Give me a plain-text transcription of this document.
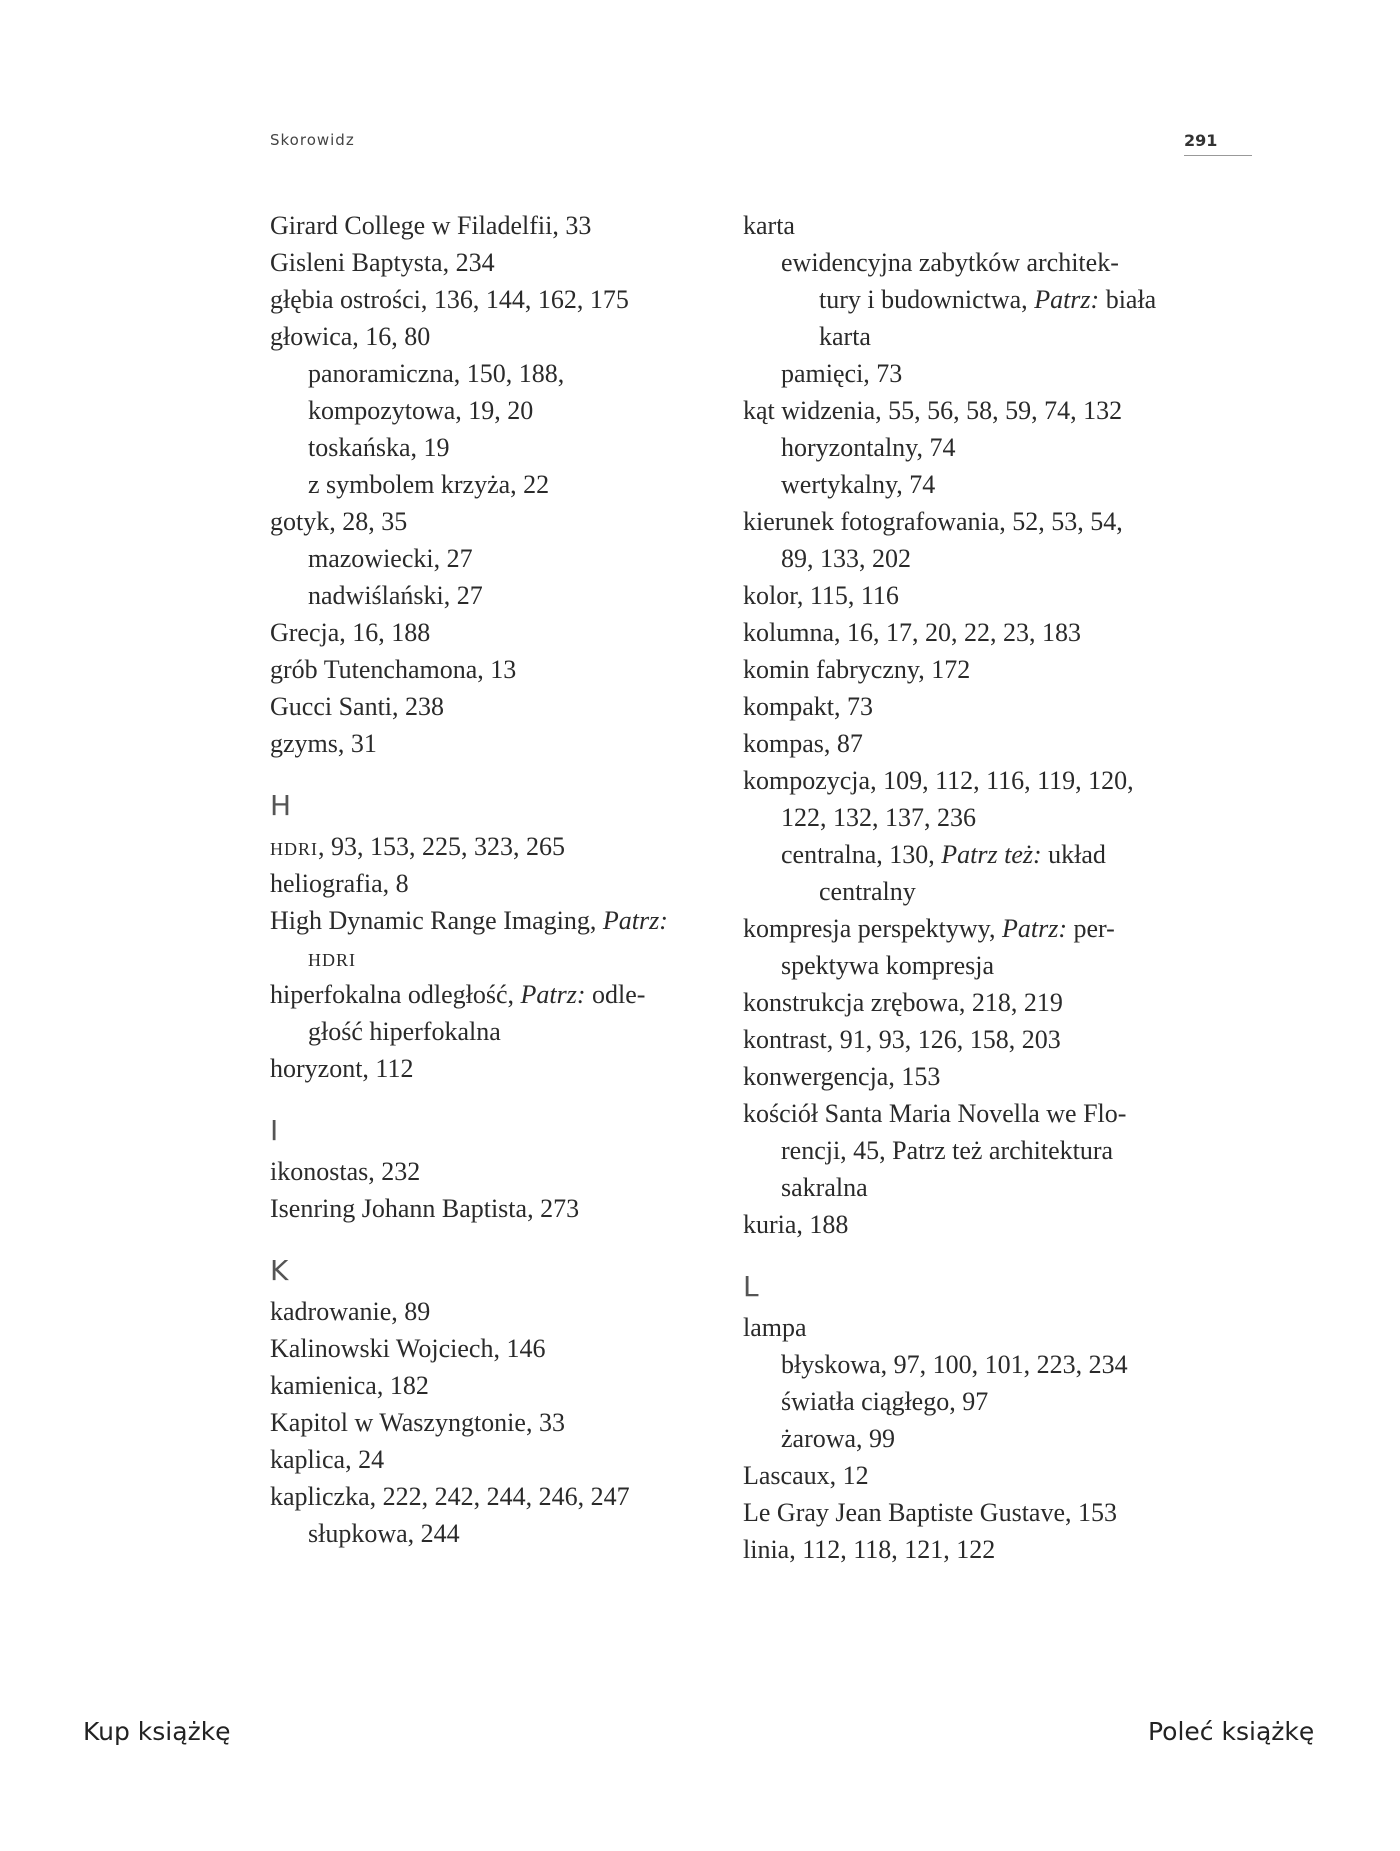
Skorowidz	291
Girard College w Filadelfii, 33
Gisleni Baptysta, 234
głębia ostrości, 136, 144, 162, 175
głowica, 16, 80
panoramiczna, 150, 188,
kompozytowa, 19, 20
toskańska, 19
z symbolem krzyża, 22
gotyk, 28, 35
mazowiecki, 27
nadwiślański, 27
Grecja, 16, 188
grób Tutenchamona, 13
Gucci Santi, 238
gzyms, 31
H
hdri, 93, 153, 225, 323, 265
heliografia, 8
High Dynamic Range Imaging, Patrz:
hdri
hiperfokalna odległość, Patrz: odle-
głość hiperfokalna
horyzont, 112
I
ikonostas, 232
Isenring Johann Baptista, 273
K
kadrowanie, 89
Kalinowski Wojciech, 146
kamienica, 182
Kapitol w Waszyngtonie, 33
kaplica, 24
kapliczka, 222, 242, 244, 246, 247
słupkowa, 244
karta
ewidencyjna zabytków architek-
tury i budownictwa, Patrz: biała
karta
pamięci, 73
kąt widzenia, 55, 56, 58, 59, 74, 132
horyzontalny, 74
wertykalny, 74
kierunek fotografowania, 52, 53, 54,
89, 133, 202
kolor, 115, 116
kolumna, 16, 17, 20, 22, 23, 183
komin fabryczny, 172
kompakt, 73
kompas, 87
kompozycja, 109, 112, 116, 119, 120,
122, 132, 137, 236
centralna, 130, Patrz też: układ
centralny
kompresja perspektywy, Patrz: per-
spektywa kompresja
konstrukcja zrębowa, 218, 219
kontrast, 91, 93, 126, 158, 203
konwergencja, 153
kościół Santa Maria Novella we Flo-
rencji, 45, Patrz też architektura
sakralna
kuria, 188
L
lampa
błyskowa, 97, 100, 101, 223, 234
światła ciągłego, 97
żarowa, 99
Lascaux, 12
Le Gray Jean Baptiste Gustave, 153
linia, 112, 118, 121, 122
Kup książkę	Poleć książkę
